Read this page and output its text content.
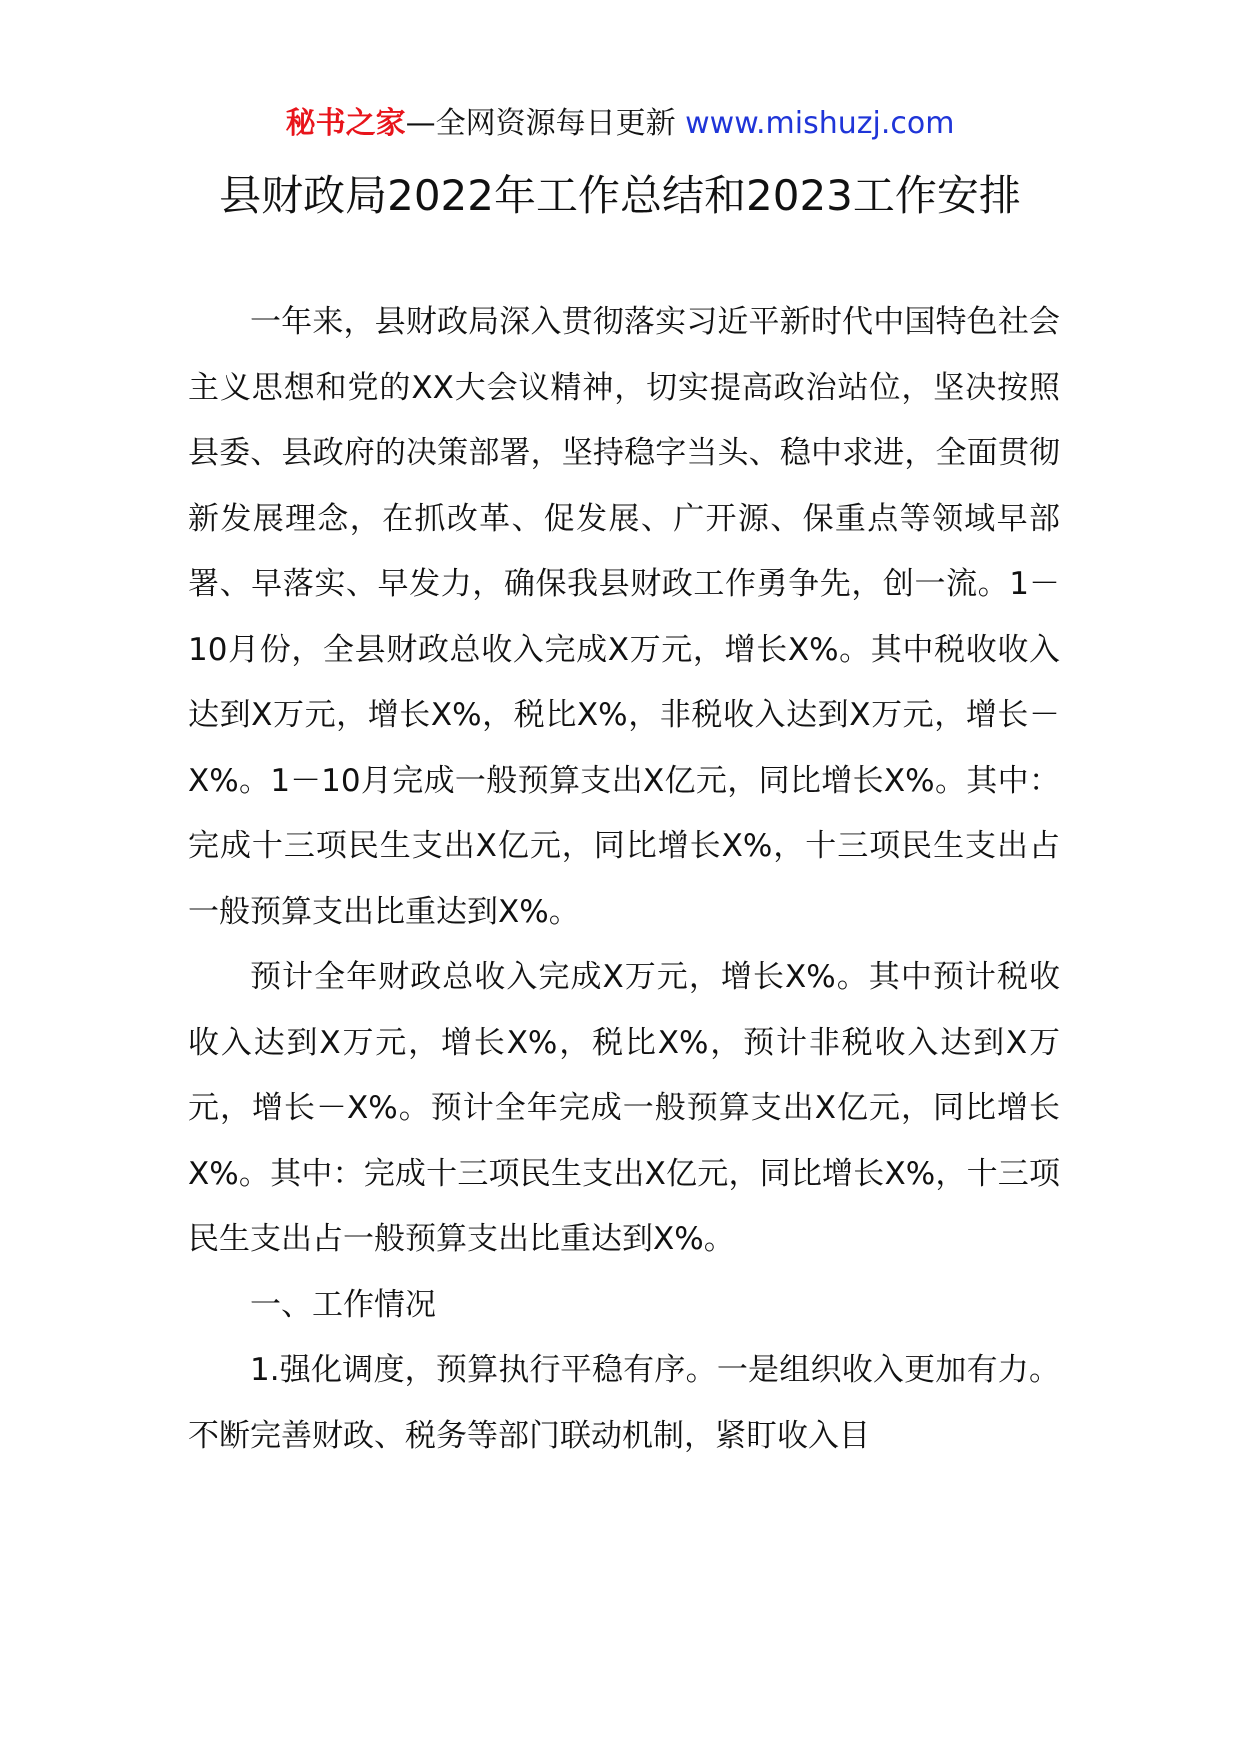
秘书之家—全网资源每日更新 www.mishuzj.com
县财政局2022年工作总结和2023工作安排

一年来，县财政局深入贯彻落实习近平新时代中国特色社会主义思想和党的XX大会议精神，切实提高政治站位，坚决按照县委、县政府的决策部署，坚持稳字当头、稳中求进，全面贯彻新发展理念，在抓改革、促发展、广开源、保重点等领域早部署、早落实、早发力，确保我县财政工作勇争先，创一流。1－10月份，全县财政总收入完成X万元，增长X%。其中税收收入达到X万元，增长X%，税比X%，非税收入达到X万元，增长－X%。1－10月完成一般预算支出X亿元，同比增长X%。其中：完成十三项民生支出X亿元，同比增长X%，十三项民生支出占一般预算支出比重达到X%。

预计全年财政总收入完成X万元，增长X%。其中预计税收收入达到X万元，增长X%，税比X%，预计非税收入达到X万元，增长－X%。预计全年完成一般预算支出X亿元，同比增长X%。其中：完成十三项民生支出X亿元，同比增长X%，十三项民生支出占一般预算支出比重达到X%。

一、工作情况

1.强化调度，预算执行平稳有序。一是组织收入更加有力。不断完善财政、税务等部门联动机制，紧盯收入目
